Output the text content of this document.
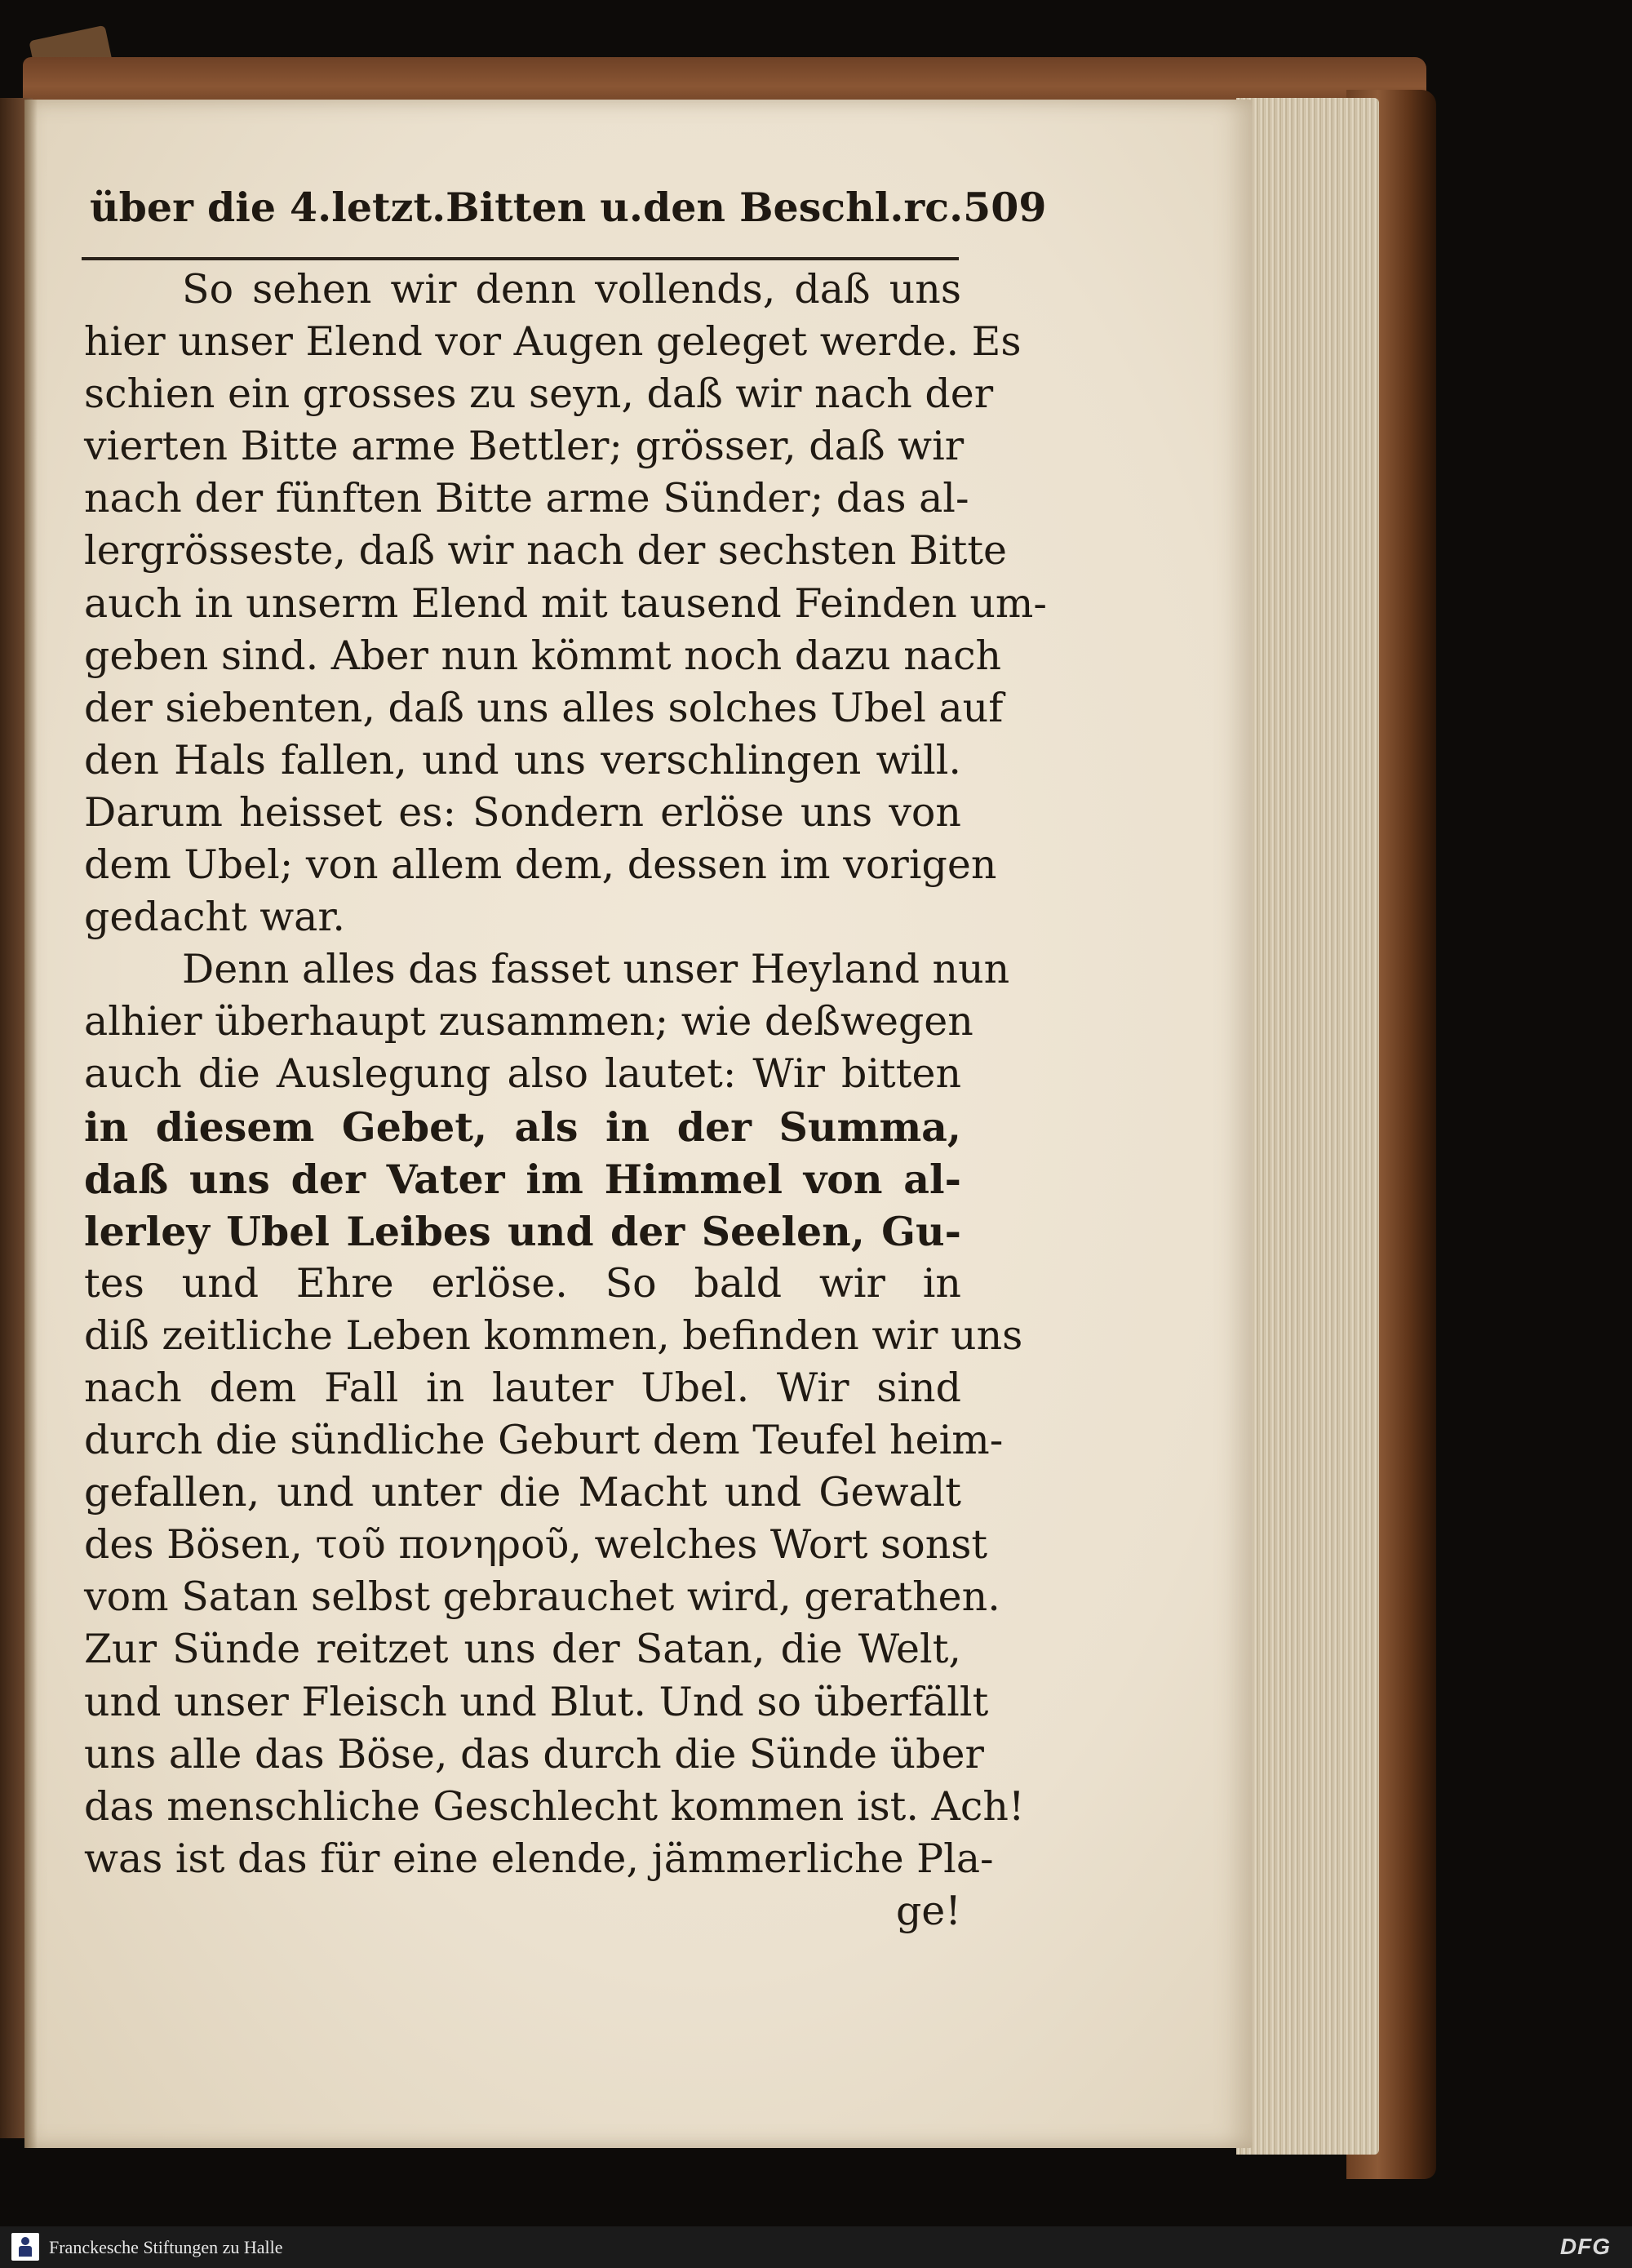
über die 4.letzt.Bitten u.den Beschl.rc. 509
So sehen wir denn vollends, daß uns
hier unser Elend vor Augen geleget werde. Es
schien ein grosses zu seyn, daß wir nach der
vierten Bitte arme Bettler; grösser, daß wir
nach der fünften Bitte arme Sünder; das al-
lergrösseste, daß wir nach der sechsten Bitte
auch in unserm Elend mit tausend Feinden um-
geben sind. Aber nun kömmt noch dazu nach
der siebenten, daß uns alles solches Ubel auf
den Hals fallen, und uns verschlingen will.
Darum heisset es: Sondern erlöse uns von
dem Ubel; von allem dem, dessen im vorigen
gedacht war.
Denn alles das fasset unser Heyland nun
alhier überhaupt zusammen; wie deßwegen
auch die Auslegung also lautet: Wir bitten
in diesem Gebet, als in der Summa,
daß uns der Vater im Himmel von al-
lerley Ubel Leibes und der Seelen, Gu-
tes und Ehre erlöse. So bald wir in
diß zeitliche Leben kommen, befinden wir uns
nach dem Fall in lauter Ubel. Wir sind
durch die sündliche Geburt dem Teufel heim-
gefallen, und unter die Macht und Gewalt
des Bösen, τοῦ πονηροῦ, welches Wort sonst
vom Satan selbst gebrauchet wird, gerathen.
Zur Sünde reitzet uns der Satan, die Welt,
und unser Fleisch und Blut. Und so überfällt
uns alle das Böse, das durch die Sünde über
das menschliche Geschlecht kommen ist. Ach!
was ist das für eine elende, jämmerliche Pla-
ge!
Franckesche Stiftungen zu Halle	DFG
